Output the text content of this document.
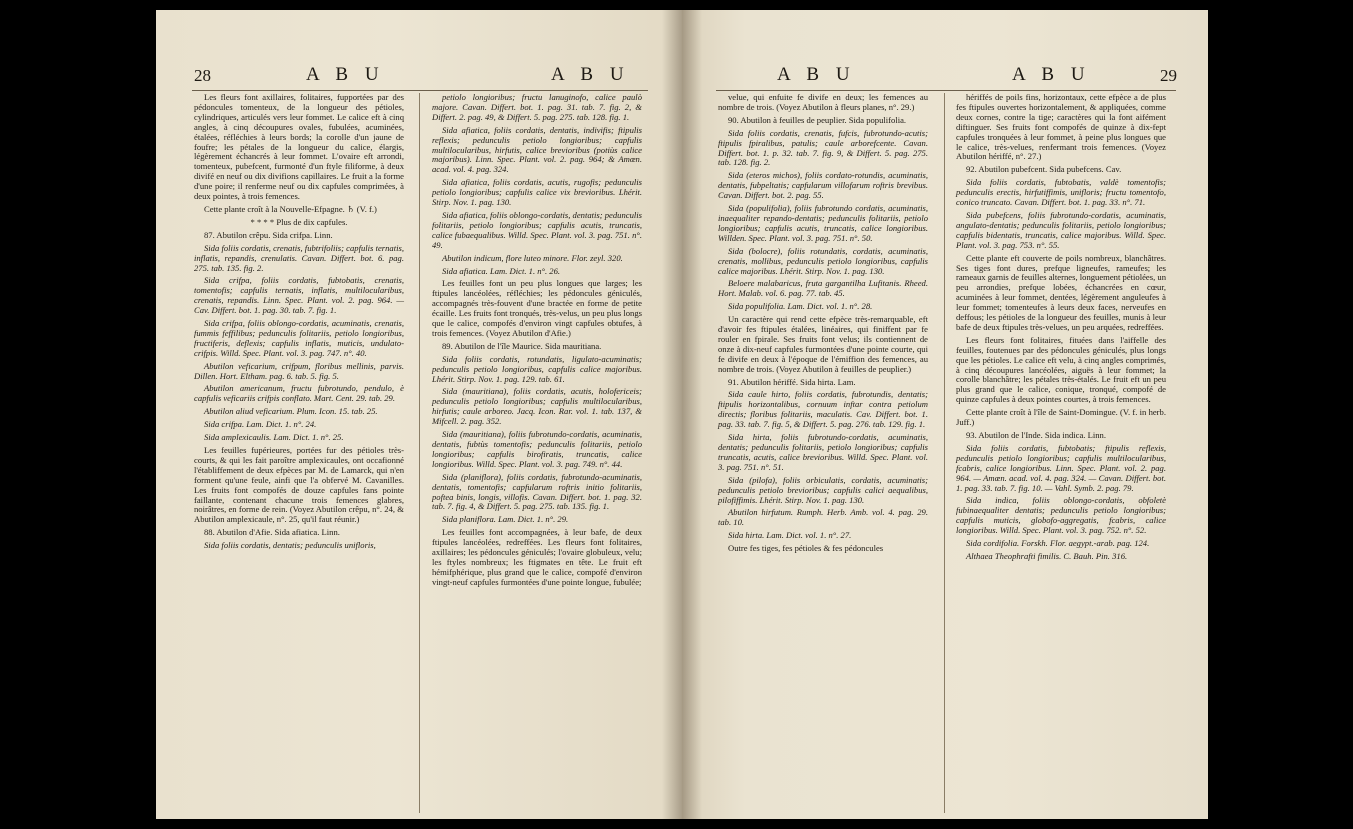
28	A B U	A B U

Les fleurs font axillaires, folitaires, fupportées par des pédoncules tomenteux, de la longueur des pétioles, cylindriques, articulés vers leur fommet. Le calice eft à cinq angles, à cinq découpures ovales, fubulées, acuminées, étalées, réfléchies à leurs bords; la corolle d'un jaune de foufre; les pétales de la longueur du calice, élargis, légèrement échancrés à leur fommet. L'ovaire eft arrondi, tomenteux, pubefcent, furmonté d'un ftyle filiforme, à deux divifé en neuf ou dix divifions capillaires. Le fruit a la forme d'une poire; il renferme neuf ou dix capfules comprimées, à deux pointes, à trois femences.

Cette plante croît à la Nouvelle-Efpagne. ♄ (V. f.)

* * * * Plus de dix capfules.

87. Abutilon crêpu. Sida crifpa. Linn.

Sida foliis cordatis, crenatis, fubtrifoliis; capfulis ternatis, inflatis, repandis, crenulatis. Cavan. Differt. bot. 6. pag. 275. tab. 135. fig. 2.

Sida crifpa, foliis cordatis, fubtobatis, crenatis, tomentofis; capfulis ternatis, inflatis, multilocularibus, crenatis, repandis. Linn. Spec. Plant. vol. 2. pag. 964. — Cav. Differt. bot. 1. pag. 30. tab. 7. fig. 1.

Sida crifpa, foliis oblongo-cordatis, acuminatis, crenatis, fummis feffilibus; pedunculis folitariis, petiolo longioribus, fructiferis, deflexis; capfulis inflatis, muticis, undulato-crifpis. Willd. Spec. Plant. vol. 3. pag. 747. n°. 40.

Abutilon veficarium, crifpum, floribus mellinis, parvis. Dillen. Hort. Eltham. pag. 6. tab. 5. fig. 5.

Abutilon americanum, fructu fubrotundo, pendulo, è capfulis veficariis crifpis conflato. Mart. Cent. 29. tab. 29.

Abutilon aliud veficarium. Plum. Icon. 15. tab. 25.

Sida crifpa. Lam. Dict. 1. n°. 24.

Sida amplexicaulis. Lam. Dict. 1. n°. 25.

Les feuilles fupérieures, portées fur des pétioles très-courts, & qui les fait paroître amplexicaules, ont occafionné l'établiffement de deux efpèces par M. de Lamarck, qui n'en forment qu'une feule, ainfi que l'a obfervé M. Cavanilles. Les fruits font compofés de douze capfules fans pointe faillante, contenant chacune trois femences glabres, noirâtres, en forme de rein. (Voyez Abutilon crêpu, n°. 24, & Abutilon amplexicaule, n°. 25, qu'il faut réunir.)

88. Abutilon d'Afie. Sida afiatica. Linn.

Sida foliis cordatis, dentatis; pedunculis unifloris,

petiolo longioribus; fructu lanuginofo, calice paulò majore. Cavan. Differt. bot. 1. pag. 31. tab. 7. fig. 2, & Differt. 2. pag. 49, & Differt. 5. pag. 275. tab. 128. fig. 1.

Sida afiatica, foliis cordatis, dentatis, indivifis; ftipulis reflexis; pedunculis petiolo longioribus; capfulis multilocularibus, hirfutis, calice brevioribus (potiùs calice majoribus). Linn. Spec. Plant. vol. 2. pag. 964; & Amœn. acad. vol. 4. pag. 324.

Sida afiatica, foliis cordatis, acutis, rugofis; pedunculis petiolo longioribus; capfulis calice vix brevioribus. Lhérit. Stirp. Nov. 1. pag. 130.

Sida afiatica, foliis oblongo-cordatis, dentatis; pedunculis folitariis, petiolo longioribus; capfulis acutis, truncatis, calice fubaequalibus. Willd. Spec. Plant. vol. 3. pag. 751. n°. 49.

Abutilon indicum, flore luteo minore. Flor. zeyl. 320.

Sida afiatica. Lam. Dict. 1. n°. 26.

Les feuilles font un peu plus longues que larges; les ftipules lancéolées, réfléchies; les pédoncules géniculés, accompagnés très-fouvent d'une bractée en forme de petite écaille. Les fruits font tronqués, très-velus, un peu plus longs que le calice, compofés d'environ vingt capfules obtufes, à trois femences. (Voyez Abutilon d'Afie.)

89. Abutilon de l'île Maurice. Sida mauritiana.

Sida foliis cordatis, rotundatis, ligulato-acuminatis; pedunculis petiolo longioribus, capfulis calice majoribus. Lhérit. Stirp. Nov. 1. pag. 129. tab. 61.

Sida (mauritiana), foliis cordatis, acutis, holofericeis; pedunculis petiolo longioribus; capfulis multilocularibus, hirfutis; caule arboreo. Jacq. Icon. Rar. vol. 1. tab. 137, & Mifcell. 2. pag. 352.

Sida (mauritiana), foliis fubrotundo-cordatis, acuminatis, dentatis, fubtùs tomentofis; pedunculis folitariis, petiolo longioribus; capfulis birofiratis, truncatis, calice longioribus. Willd. Spec. Plant. vol. 3. pag. 749. n°. 44.

Sida (planiflora), foliis cordatis, fubrotundo-acuminatis, dentatis, tomentofis; capfularum roftris initio folitariis, poftea binis, longis, villofis. Cavan. Differt. bot. 1. pag. 32. tab. 7. fig. 4, & Differt. 5. pag. 275. tab. 135. fig. 1.

Sida planiflora. Lam. Dict. 1. n°. 29.

Les feuilles font accompagnées, à leur bafe, de deux ftipules lancéolées, redreffées. Les fleurs font folitaires, axillaires; les pédoncules géniculés; l'ovaire globuleux, velu; les ftyles nombreux; les ftigmates en tête. Le fruit eft hémifphérique, plus grand que le calice, compofé d'environ vingt-neuf capfules furmontées d'une pointe longue, fubulée;

A B U	A B U	29

velue, qui enfuite fe divife en deux; les femences au nombre de trois. (Voyez Abutilon à fleurs planes, n°. 29.)

90. Abutilon à feuilles de peuplier. Sida populifolia.

Sida foliis cordatis, crenatis, fufcis, fubrotundo-acutis; ftipulis fpiralibus, patulis; caule arborefcente. Cavan. Differt. bot. 1. p. 32. tab. 7. fig. 9, & Differt. 5. pag. 275. tab. 128. fig. 2.

Sida (eteros michos), foliis cordato-rotundis, acuminatis, dentatis, fubpeltatis; capfularum villofarum roftris brevibus. Cavan. Differt. bot. 2. pag. 55.

Sida (populifolia), foliis fubrotundo cordatis, acuminatis, inaequaliter repando-dentatis; pedunculis folitariis, petiolo longioribus; capfulis acutis, truncatis, calice longioribus. Willden. Spec. Plant. vol. 3. pag. 751. n°. 50.

Sida (bolocre), foliis rotundatis, cordatis, acuminatis, crenatis, mollibus, pedunculis petiolo longioribus, capfulis calice majoribus. Lhérit. Stirp. Nov. 1. pag. 130.

Beloere malabaricus, fruta gargantilha Lufitanis. Rheed. Hort. Malab. vol. 6. pag. 77. tab. 45.

Sida populifolia. Lam. Dict. vol. 1. n°. 28.

Un caractère qui rend cette efpèce très-remarquable, eft d'avoir fes ftipules étalées, linéaires, qui finiffent par fe rouler en fpirale. Ses fruits font velus; ils contiennent de onze à dix-neuf capfules furmontées d'une pointe courte, qui fe divife en deux à l'époque de l'émiffion des femences, au nombre de trois. (Voyez Abutilon à feuilles de peuplier.)

91. Abutilon hériffé. Sida hirta. Lam.

Sida caule hirto, foliis cordatis, fubrotundis, dentatis; ftipulis horizontalibus, cornuum inftar contra petiolum directis; floribus folitariis, maculatis. Cav. Differt. bot. 1. pag. 33. tab. 7. fig. 5, & Differt. 5. pag. 276. tab. 129. fig. 1.

Sida hirta, foliis fubrotundo-cordatis, acuminatis, dentatis; pedunculis folitariis, petiolo longioribus; capfulis truncatis, acutis, calice brevioribus. Willd. Spec. Plant. vol. 3. pag. 751. n°. 51.

Sida (pilofa), foliis orbiculatis, cordatis, acuminatis; pedunculis petiolo brevioribus; capfulis calici aequalibus, pilofiffimis. Lhérit. Stirp. Nov. 1. pag. 130.

Abutilon hirfutum. Rumph. Herb. Amb. vol. 4. pag. 29. tab. 10.

Sida hirta. Lam. Dict. vol. 1. n°. 27.

Outre fes tiges, fes pétioles & fes pédoncules

hériffés de poils fins, horizontaux, cette efpèce a de plus fes ftipules ouvertes horizontalement, & appliquées, comme deux cornes, contre la tige; caractères qui la font aifément diftinguer. Ses fruits font compofés de quinze à dix-fept capfules tronquées à leur fommet, à peine plus longues que le calice, très-velues, renfermant trois femences. (Voyez Abutilon hériffé, n°. 27.)

92. Abutilon pubefcent. Sida pubefcens. Cav.

Sida foliis cordatis, fubtobatis, valdè tomentofis; pedunculis erectis, hirfutiffimis, unifloris; fructu tomentofo, conico truncato. Cavan. Differt. bot. 1. pag. 33. n°. 71.

Sida pubefcens, foliis fubrotundo-cordatis, acuminatis, angulato-dentatis; pedunculis folitariis, petiolo longioribus; capfulis bidentatis, truncatis, calice majoribus. Willd. Spec. Plant. vol. 3. pag. 753. n°. 55.

Cette plante eft couverte de poils nombreux, blanchâtres. Ses tiges font dures, prefque ligneufes, rameufes; les rameaux garnis de feuilles alternes, longuement pétiolées, un peu arrondies, prefque lobées, échancrées en cœur, acuminées à leur fommet, dentées, légèrement anguleufes à leur fommet; tomenteufes à leurs deux faces, nerveufes en deffous; les pétioles de la longueur des feuilles, munis à leur bafe de deux ftipules très-velues, un peu arquées, redreffées.

Les fleurs font folitaires, fituées dans l'aiffelle des feuilles, foutenues par des pédoncules géniculés, plus longs que les pétioles. Le calice eft velu, à cinq angles comprimés, à cinq découpures lancéolées, aiguës à leur fommet; la corolle blanchâtre; les pétales très-étalés. Le fruit eft un peu plus grand que le calice, conique, tronqué, compofé de quinze capfules à deux pointes courtes, à trois femences.

Cette plante croît à l'île de Saint-Domingue. (V. f. in herb. Juff.)

93. Abutilon de l'Inde. Sida indica. Linn.

Sida foliis cordatis, fubtobatis; ftipulis reflexis, pedunculis petiolo longioribus; capfulis multilocularibus, fcabris, calice longioribus. Linn. Spec. Plant. vol. 2. pag. 964. — Amœn. acad. vol. 4. pag. 324. — Cavan. Differt. bot. 1. pag. 33. tab. 7. fig. 10. — Vahl. Symb. 2. pag. 79.

Sida indica, foliis oblongo-cordatis, obfoletè fubinaequaliter dentatis; pedunculis petiolo longioribus; capfulis muticis, globofo-aggregatis, fcabris, calice longioribus. Willd. Spec. Plant. vol. 3. pag. 752. n°. 52.

Sida cordifolia. Forskh. Flor. aegypt.-arab. pag. 124.

Althaea Theophrafti fimilis. C. Bauh. Pin. 316.
